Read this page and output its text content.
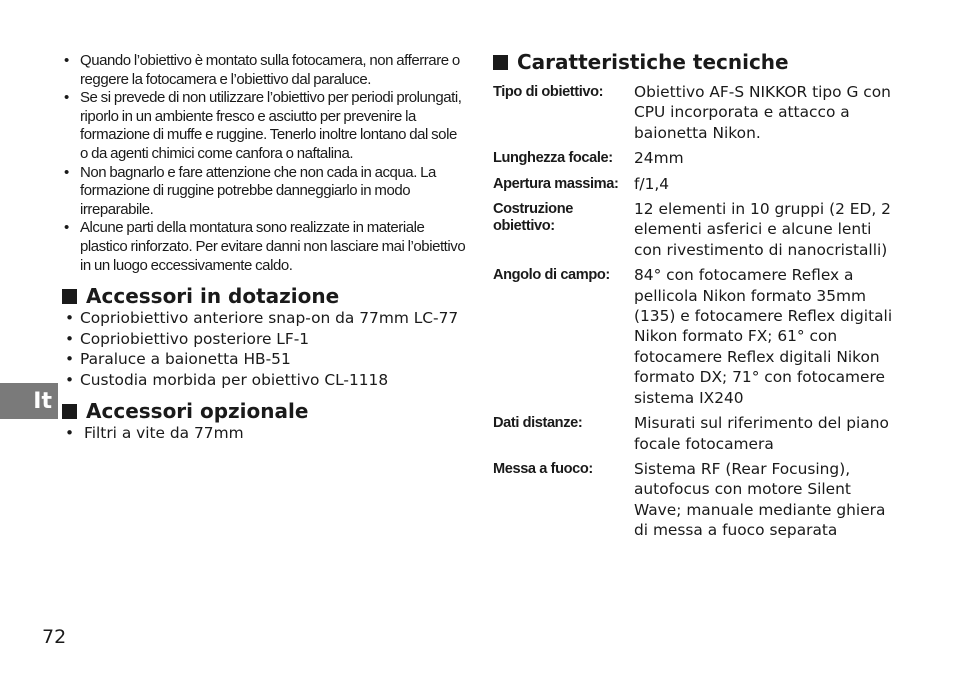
• Quando l’obiettivo è montato sulla fotocamera, non afferrare o reggere la fotocamera e l’obiettivo dal paraluce.
• Se si prevede di non utilizzare l’obiettivo per periodi prolungati, riporlo in un ambiente fresco e asciutto per prevenire la formazione di muffe e ruggine. Tenerlo inoltre lontano dal sole o da agenti chimici come canfora o naftalina.
• Non bagnarlo e fare attenzione che non cada in acqua. La formazione di ruggine potrebbe danneggiarlo in modo irreparabile.
• Alcune parti della montatura sono realizzate in materiale plastico rinforzato. Per evitare danni non lasciare mai l’obiettivo in un luogo eccessivamente caldo.
Accessori in dotazione
• Copriobiettivo anteriore snap-on da 77mm LC-77
• Copriobiettivo posteriore LF-1
• Paraluce a baionetta HB-51
• Custodia morbida per obiettivo CL-1118
Accessori opzionale
• Filtri a vite da 77mm
It
72
Caratteristiche tecniche
Tipo di obiettivo:	Obiettivo AF-S NIKKOR tipo G con CPU incorporata e attacco a baionetta Nikon.
Lunghezza focale:	24mm
Apertura massima:	f/1,4
Costruzione obiettivo:	12 elementi in 10 gruppi (2 ED, 2 elementi asferici e alcune lenti con rivestimento di nanocristalli)
Angolo di campo:	84° con fotocamere Reflex a pellicola Nikon formato 35mm (135) e fotocamere Reflex digitali Nikon formato FX; 61° con fotocamere Reflex digitali Nikon formato DX; 71° con fotocamere sistema IX240
Dati distanze:	Misurati sul riferimento del piano focale fotocamera
Messa a fuoco:	Sistema RF (Rear Focusing), autofocus con motore Silent Wave; manuale mediante ghiera di messa a fuoco separata
